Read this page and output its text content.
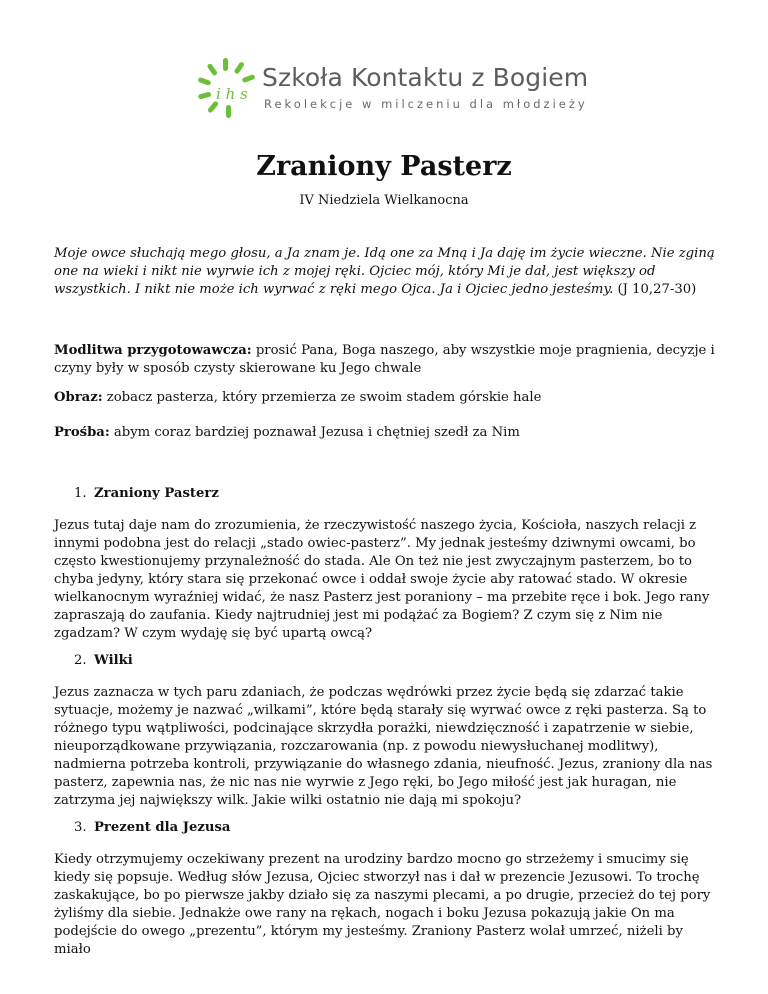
i h s
Szkoła Kontaktu z Bogiem
Rekolekcje w milczeniu dla młodzieży
Zraniony Pasterz
IV Niedziela Wielkanocna
Moje owce słuchają mego głosu, a Ja znam je. Idą one za Mną i Ja daję im życie wieczne. Nie zginą one na wieki i nikt nie wyrwie ich z mojej ręki. Ojciec mój, który Mi je dał, jest większy od wszystkich. I nikt nie może ich wyrwać z ręki mego Ojca. Ja i Ojciec jedno jesteśmy. (J 10,27-30)
Modlitwa przygotowawcza: prosić Pana, Boga naszego, aby wszystkie moje pragnienia, decyzje i czyny były w sposób czysty skierowane ku Jego chwale
Obraz: zobacz pasterza, który przemierza ze swoim stadem górskie hale
Prośba: abym coraz bardziej poznawał Jezusa i chętniej szedł za Nim
1. Zraniony Pasterz
Jezus tutaj daje nam do zrozumienia, że rzeczywistość naszego życia, Kościoła, naszych relacji z innymi podobna jest do relacji „stado owiec-pasterz”. My jednak jesteśmy dziwnymi owcami, bo często kwestionujemy przynależność do stada. Ale On też nie jest zwyczajnym pasterzem, bo to chyba jedyny, który stara się przekonać owce i oddał swoje życie aby ratować stado. W okresie wielkanocnym wyraźniej widać, że nasz Pasterz jest poraniony – ma przebite ręce i bok. Jego rany zapraszają do zaufania. Kiedy najtrudniej jest mi podążać za Bogiem? Z czym się z Nim nie zgadzam? W czym wydaję się być upartą owcą?
2. Wilki
Jezus zaznacza w tych paru zdaniach, że podczas wędrówki przez życie będą się zdarzać takie sytuacje, możemy je nazwać „wilkami”, które będą starały się wyrwać owce z ręki pasterza. Są to różnego typu wątpliwości, podcinające skrzydła porażki, niewdzięczność i zapatrzenie w siebie, nieuporządkowane przywiązania, rozczarowania (np. z powodu niewysłuchanej modlitwy), nadmierna potrzeba kontroli, przywiązanie do własnego zdania, nieufność. Jezus, zraniony dla nas pasterz, zapewnia nas, że nic nas nie wyrwie z Jego ręki, bo Jego miłość jest jak huragan, nie zatrzyma jej największy wilk. Jakie wilki ostatnio nie dają mi spokoju?
3. Prezent dla Jezusa
Kiedy otrzymujemy oczekiwany prezent na urodziny bardzo mocno go strzeżemy i smucimy się kiedy się popsuje. Według słów Jezusa, Ojciec stworzył nas i dał w prezencie Jezusowi. To trochę zaskakujące, bo po pierwsze jakby działo się za naszymi plecami, a po drugie, przecież do tej pory żyliśmy dla siebie. Jednakże owe rany na rękach, nogach i boku Jezusa pokazują jakie On ma podejście do owego „prezentu”, którym my jesteśmy. Zraniony Pasterz wolał umrzeć, niżeli by miało
